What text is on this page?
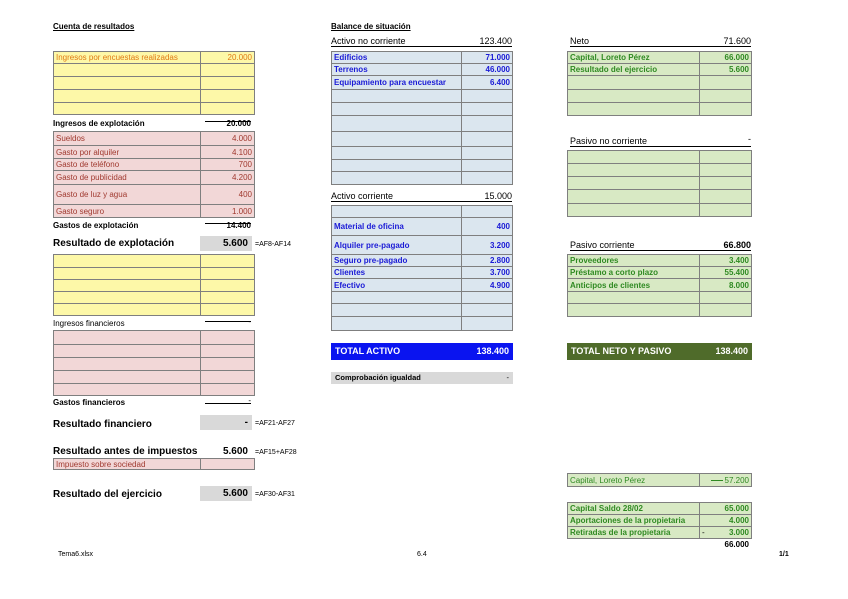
Cuenta de resultados
Ingresos por encuestas realizadas	20.000
Ingresos de explotación	20.000
Sueldos	4.000
Gasto por alquiler	4.100
Gasto de teléfono	700
Gasto de publicidad	4.200
Gasto de luz y agua	400
Gasto seguro	1.000
Gastos de explotación	14.400
Resultado de explotación	5.600	=AF8-AF14
Ingresos financieros	-
Gastos financieros	-
Resultado financiero	-	=AF21-AF27
Resultado antes de impuestos	5.600 =AF15+AF28
Impuesto sobre sociedad
Resultado del ejercicio	5.600	=AF30-AF31
Balance de situación
Activo no corriente	123.400
Edificios	71.000
Terrenos	46.000
Equipamiento para encuestar	6.400
Activo corriente	15.000
Material de oficina	400
Alquiler pre-pagado	3.200
Seguro pre-pagado	2.800
Clientes	3.700
Efectivo	4.900
TOTAL ACTIVO	138.400
Comprobación igualdad	-
Neto	71.600
Capital, Loreto Pérez	66.000
Resultado del ejercicio	5.600
Pasivo no corriente	-
Pasivo corriente	66.800
Proveedores	3.400
Préstamo a corto plazo	55.400
Anticipos de clientes	8.000
TOTAL NETO Y PASIVO	138.400
Capital, Loreto Pérez	57.200
Capital Saldo 28/02	65.000
Aportaciones de la propietaria	4.000
Retiradas de la propietaria	-	3.000
66.000
Tema6.xlsx	6.4	1/1
